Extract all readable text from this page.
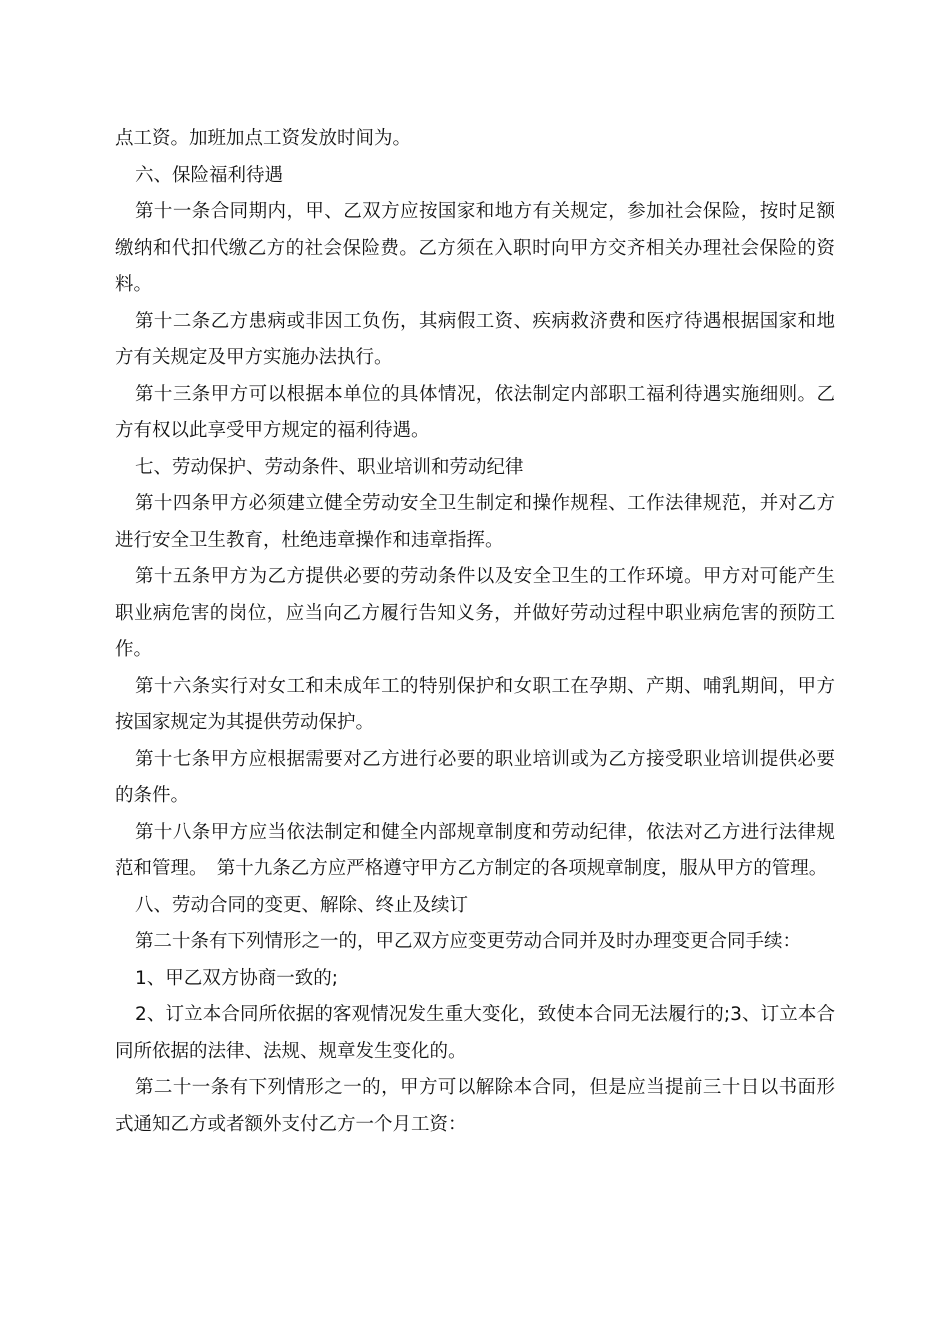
点工资。加班加点工资发放时间为。

六、保险福利待遇

第十一条合同期内，甲、乙双方应按国家和地方有关规定，参加社会保险，按时足额缴纳和代扣代缴乙方的社会保险费。乙方须在入职时向甲方交齐相关办理社会保险的资料。

第十二条乙方患病或非因工负伤，其病假工资、疾病救济费和医疗待遇根据国家和地方有关规定及甲方实施办法执行。

第十三条甲方可以根据本单位的具体情况，依法制定内部职工福利待遇实施细则。乙方有权以此享受甲方规定的福利待遇。

七、劳动保护、劳动条件、职业培训和劳动纪律

第十四条甲方必须建立健全劳动安全卫生制定和操作规程、工作法律规范，并对乙方进行安全卫生教育，杜绝违章操作和违章指挥。

第十五条甲方为乙方提供必要的劳动条件以及安全卫生的工作环境。甲方对可能产生职业病危害的岗位，应当向乙方履行告知义务，并做好劳动过程中职业病危害的预防工作。

第十六条实行对女工和未成年工的特别保护和女职工在孕期、产期、哺乳期间，甲方按国家规定为其提供劳动保护。

第十七条甲方应根据需要对乙方进行必要的职业培训或为乙方接受职业培训提供必要的条件。

第十八条甲方应当依法制定和健全内部规章制度和劳动纪律，依法对乙方进行法律规范和管理。　第十九条乙方应严格遵守甲方乙方制定的各项规章制度，服从甲方的管理。

八、劳动合同的变更、解除、终止及续订

第二十条有下列情形之一的，甲乙双方应变更劳动合同并及时办理变更合同手续：

1、甲乙双方协商一致的;

2、订立本合同所依据的客观情况发生重大变化，致使本合同无法履行的;3、订立本合同所依据的法律、法规、规章发生变化的。

第二十一条有下列情形之一的，甲方可以解除本合同，但是应当提前三十日以书面形式通知乙方或者额外支付乙方一个月工资：
